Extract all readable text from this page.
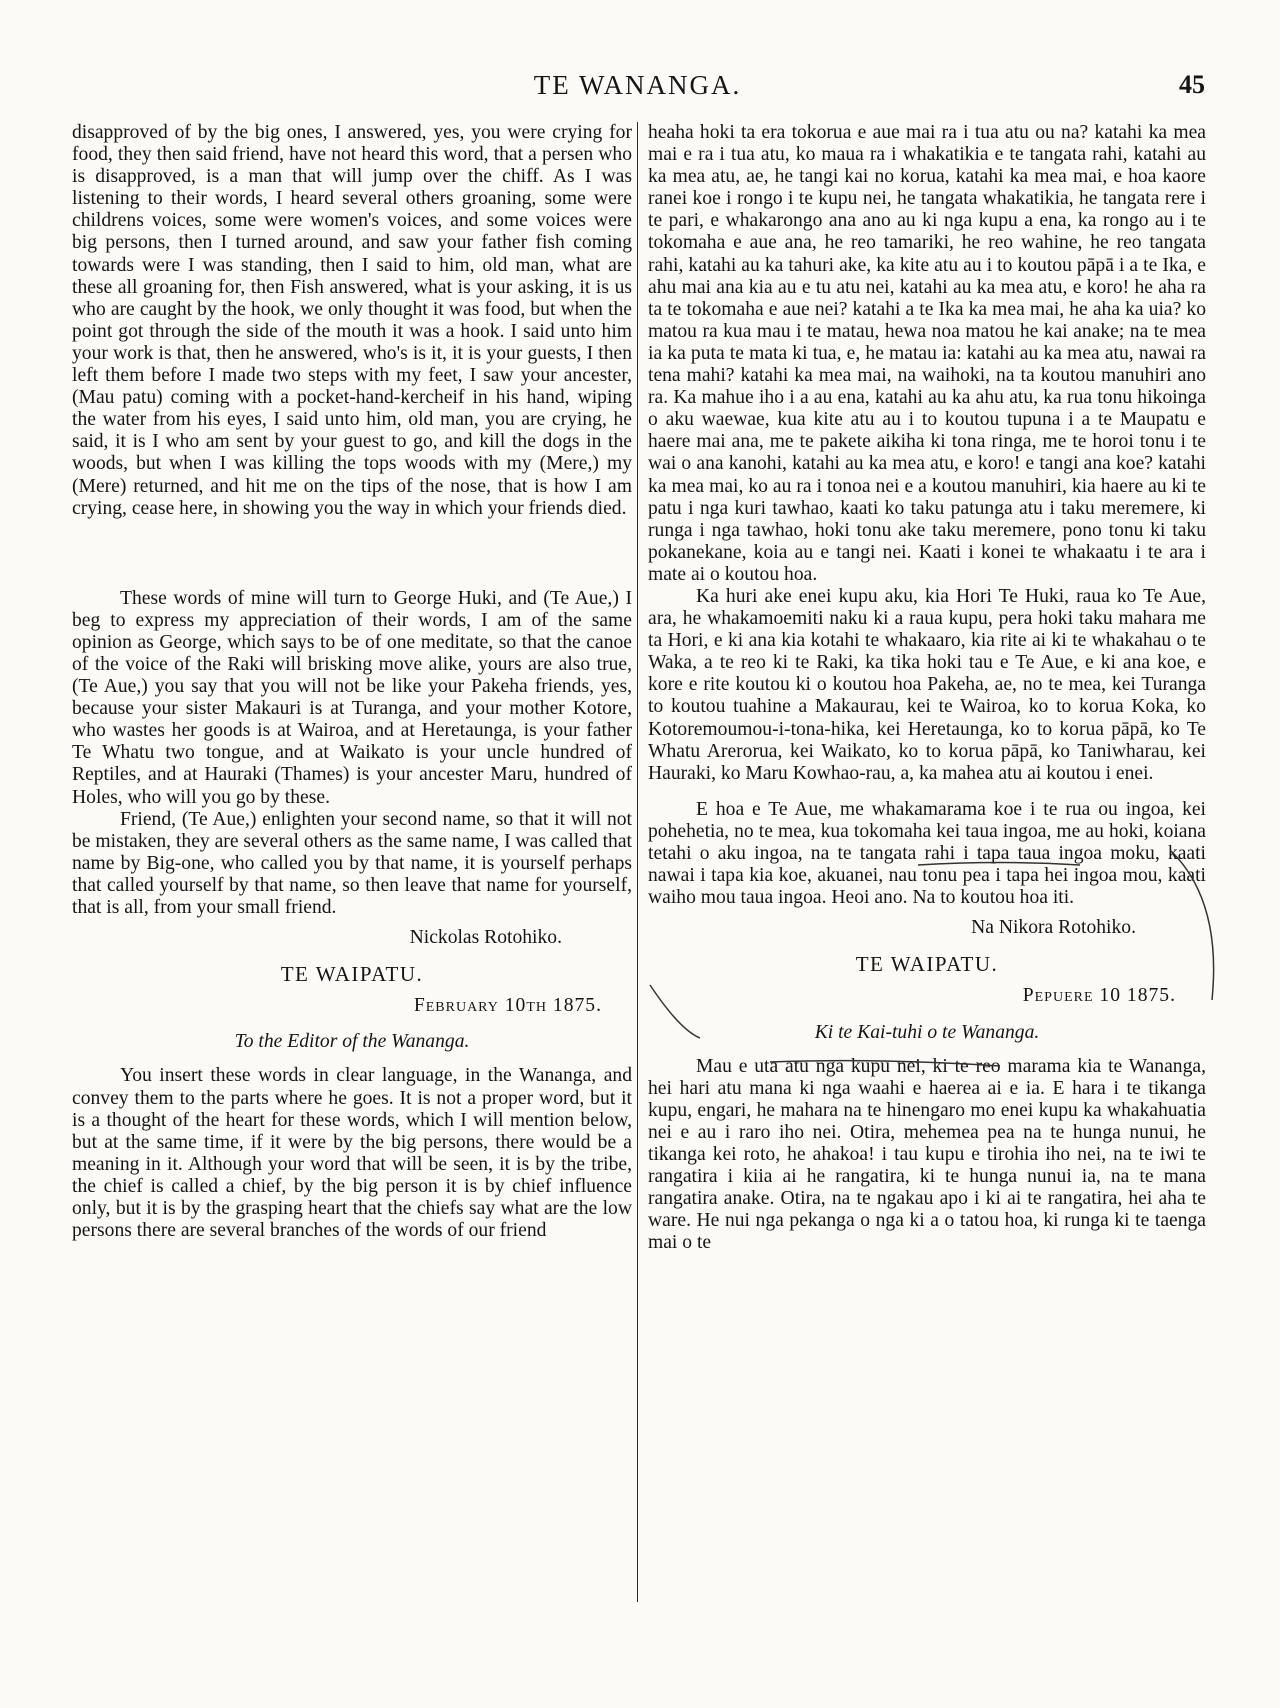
TE WANANGA.	45

disapproved of by the big ones, I answered, yes, you were crying for food, they then said friend, have not heard this word, that a persen who is disapproved, is a man that will jump over the chiff. As I was listening to their words, I heard several others groaning, some were childrens voices, some were women's voices, and some voices were big persons, then I turned around, and saw your father fish coming towards were I was standing, then I said to him, old man, what are these all groaning for, then Fish answered, what is your asking, it is us who are caught by the hook, we only thought it was food, but when the point got through the side of the mouth it was a hook. I said unto him your work is that, then he answered, who's is it, it is your guests, I then left them before I made two steps with my feet, I saw your ancester, (Mau patu) coming with a pocket-hand-kercheif in his hand, wiping the water from his eyes, I said unto him, old man, you are crying, he said, it is I who am sent by your guest to go, and kill the dogs in the woods, but when I was killing the tops woods with my (Mere,) my (Mere) returned, and hit me on the tips of the nose, that is how I am crying, cease here, in showing you the way in which your friends died.

These words of mine will turn to George Huki, and (Te Aue,) I beg to express my appreciation of their words, I am of the same opinion as George, which says to be of one meditate, so that the canoe of the voice of the Raki will brisking move alike, yours are also true, (Te Aue,) you say that you will not be like your Pakeha friends, yes, because your sister Makauri is at Turanga, and your mother Kotore, who wastes her goods is at Wairoa, and at Heretaunga, is your father Te Whatu two tongue, and at Waikato is your uncle hundred of Reptiles, and at Hauraki (Thames) is your ancester Maru, hundred of Holes, who will you go by these.

Friend, (Te Aue,) enlighten your second name, so that it will not be mistaken, they are several others as the same name, I was called that name by Big-one, who called you by that name, it is yourself perhaps that called yourself by that name, so then leave that name for yourself, that is all, from your small friend.

Nickolas Rotohiko.

TE WAIPATU.
February 10th 1875.
To the Editor of the Wananga.

You insert these words in clear language, in the Wananga, and convey them to the parts where he goes. It is not a proper word, but it is a thought of the heart for these words, which I will mention below, but at the same time, if it were by the big persons, there would be a meaning in it. Although your word that will be seen, it is by the tribe, the chief is called a chief, by the big person it is by chief influence only, but it is by the grasping heart that the chiefs say what are the low persons there are several branches of the words of our friend

heaha hoki ta era tokorua e aue mai ra i tua atu ou na? katahi ka mea mai e ra i tua atu, ko maua ra i whakatikia e te tangata rahi, katahi au ka mea atu, ae, he tangi kai no korua, katahi ka mea mai, e hoa kaore ranei koe i rongo i te kupu nei, he tangata whakatikia, he tangata rere i te pari, e whakarongo ana ano au ki nga kupu a ena, ka rongo au i te tokomaha e aue ana, he reo tamariki, he reo wahine, he reo tangata rahi, katahi au ka tahuri ake, ka kite atu au i to koutou pāpā i a te Ika, e ahu mai ana kia au e tu atu nei, katahi au ka mea atu, e koro! he aha ra ta te tokomaha e aue nei? katahi a te Ika ka mea mai, he aha ka uia? ko matou ra kua mau i te matau, hewa noa matou he kai anake; na te mea ia ka puta te mata ki tua, e, he matau ia: katahi au ka mea atu, nawai ra tena mahi? katahi ka mea mai, na waihoki, na ta koutou manuhiri ano ra. Ka mahue iho i a au ena, katahi au ka ahu atu, ka rua tonu hikoinga o aku waewae, kua kite atu au i to koutou tupuna i a te Maupatu e haere mai ana, me te pakete aikiha ki tona ringa, me te horoi tonu i te wai o ana kanohi, katahi au ka mea atu, e koro! e tangi ana koe? katahi ka mea mai, ko au ra i tonoa nei e a koutou manuhiri, kia haere au ki te patu i nga kuri tawhao, kaati ko taku patunga atu i taku meremere, ki runga i nga tawhao, hoki tonu ake taku meremere, pono tonu ki taku pokanekane, koia au e tangi nei. Kaati i konei te whakaatu i te ara i mate ai o koutou hoa.

Ka huri ake enei kupu aku, kia Hori Te Huki, raua ko Te Aue, ara, he whakamoemiti naku ki a raua kupu, pera hoki taku mahara me ta Hori, e ki ana kia kotahi te whakaaro, kia rite ai ki te whakahau o te Waka, a te reo ki te Raki, ka tika hoki tau e Te Aue, e ki ana koe, e kore e rite koutou ki o koutou hoa Pakeha, ae, no te mea, kei Turanga to koutou tuahine a Makaurau, kei te Wairoa, ko to korua Koka, ko Kotoremoumou-i-tona-hika, kei Heretaunga, ko to korua pāpā, ko Te Whatu Arerorua, kei Waikato, ko to korua pāpā, ko Taniwharau, kei Hauraki, ko Maru Kowhao-rau, a, ka mahea atu ai koutou i enei.

E hoa e Te Aue, me whakamarama koe i te rua ou ingoa, kei pohehetia, no te mea, kua tokomaha kei taua ingoa, me au hoki, koiana tetahi o aku ingoa, na te tangata rahi i tapa taua ingoa moku, kaati nawai i tapa kia koe, akuanei, nau tonu pea i tapa hei ingoa mou, kaati waiho mou taua ingoa. Heoi ano. Na to koutou hoa iti.

Na Nikora Rotohiko.

TE WAIPATU.
Pepuere 10 1875.
Ki te Kai-tuhi o te Wananga.

Mau e uta atu nga kupu nei, ki te reo marama kia te Wananga, hei hari atu mana ki nga waahi e haerea ai e ia. E hara i te tikanga kupu, engari, he mahara na te hinengaro mo enei kupu ka whakahuatia nei e au i raro iho nei. Otira, mehemea pea na te hunga nunui, he tikanga kei roto, he ahakoa! i tau kupu e tirohia iho nei, na te iwi te rangatira i kiia ai he rangatira, ki te hunga nunui ia, na te mana rangatira anake. Otira, na te ngakau apo i ki ai te rangatira, hei aha te ware. He nui nga pekanga o nga ki a o tatou hoa, ki runga ki te taenga mai o te
